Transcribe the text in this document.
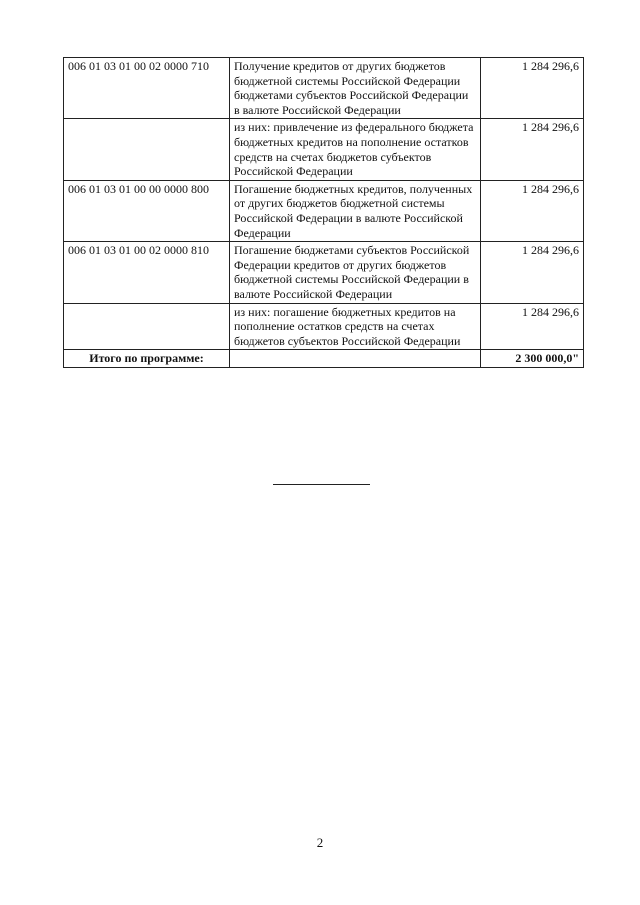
006 01 03 01 00 02 0000 710	Получение кредитов от других бюджетов бюджетной системы Российской Федерации бюджетами субъектов Российской Федерации в валюте Российской Федерации	1 284 296,6
	из них: привлечение из федерального бюджета бюджетных кредитов на пополнение остатков средств на счетах бюджетов субъектов Российской Федерации	1 284 296,6
006 01 03 01 00 00 0000 800	Погашение бюджетных кредитов, полученных от других бюджетов бюджетной системы Российской Федерации в валюте Российской Федерации	1 284 296,6
006 01 03 01 00 02 0000 810	Погашение бюджетами субъектов Российской Федерации кредитов от других бюджетов бюджетной системы Российской Федерации в валюте Российской Федерации	1 284 296,6
	из них: погашение бюджетных кредитов на пополнение остатков средств на счетах бюджетов субъектов Российской Федерации	1 284 296,6
Итого по программе:		2 300 000,0"
2
